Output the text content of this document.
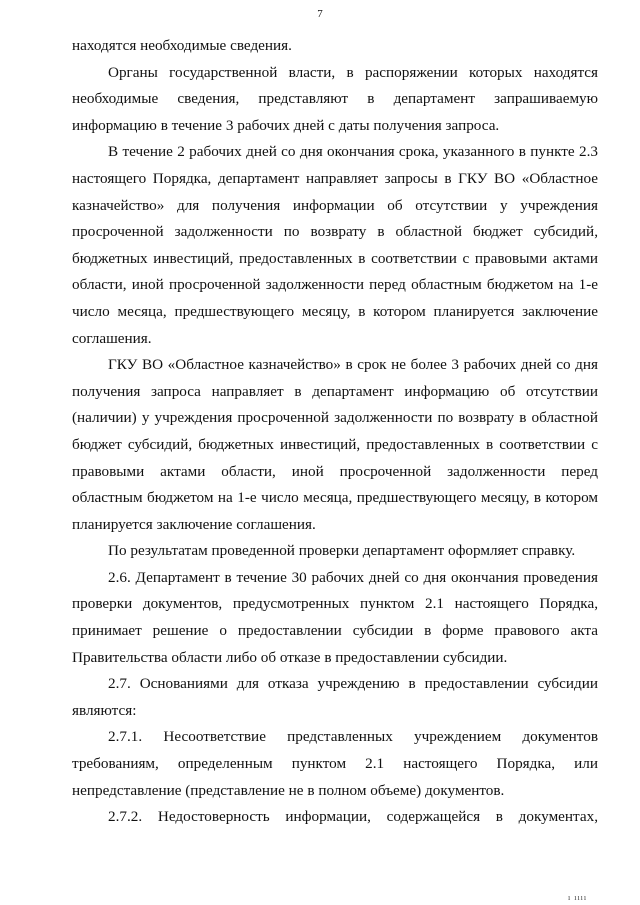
7

находятся необходимые сведения.

Органы государственной власти, в распоряжении которых находятся необходимые сведения, представляют в департамент запрашиваемую информацию в течение 3 рабочих дней с даты получения запроса.

В течение 2 рабочих дней со дня окончания срока, указанного в пункте 2.3 настоящего Порядка, департамент направляет запросы в ГКУ ВО «Областное казначейство» для получения информации об отсутствии у учреждения просроченной задолженности по возврату в областной бюджет субсидий, бюджетных инвестиций, предоставленных в соответствии с правовыми актами области, иной просроченной задолженности перед областным бюджетом на 1-е число месяца, предшествующего месяцу, в котором планируется заключение соглашения.

ГКУ ВО «Областное казначейство» в срок не более 3 рабочих дней со дня получения запроса направляет в департамент информацию об отсутствии (наличии) у учреждения просроченной задолженности по возврату в областной бюджет субсидий, бюджетных инвестиций, предоставленных в соответствии с правовыми актами области, иной просроченной задолженности перед областным бюджетом на 1-е число месяца, предшествующего месяцу, в котором планируется заключение соглашения.

По результатам проведенной проверки департамент оформляет справку.

2.6. Департамент в течение 30 рабочих дней со дня окончания проведения проверки документов, предусмотренных пунктом 2.1 настоящего Порядка, принимает решение о предоставлении субсидии в форме правового акта Правительства области либо об отказе в предоставлении субсидии.

2.7. Основаниями для отказа учреждению в предоставлении субсидии являются:

2.7.1. Несоответствие представленных учреждением документов требованиям, определенным пунктом 2.1 настоящего Порядка, или непредставление (представление не в полном объеме) документов.

2.7.2. Недостоверность информации, содержащейся в документах,

ı ıııı
